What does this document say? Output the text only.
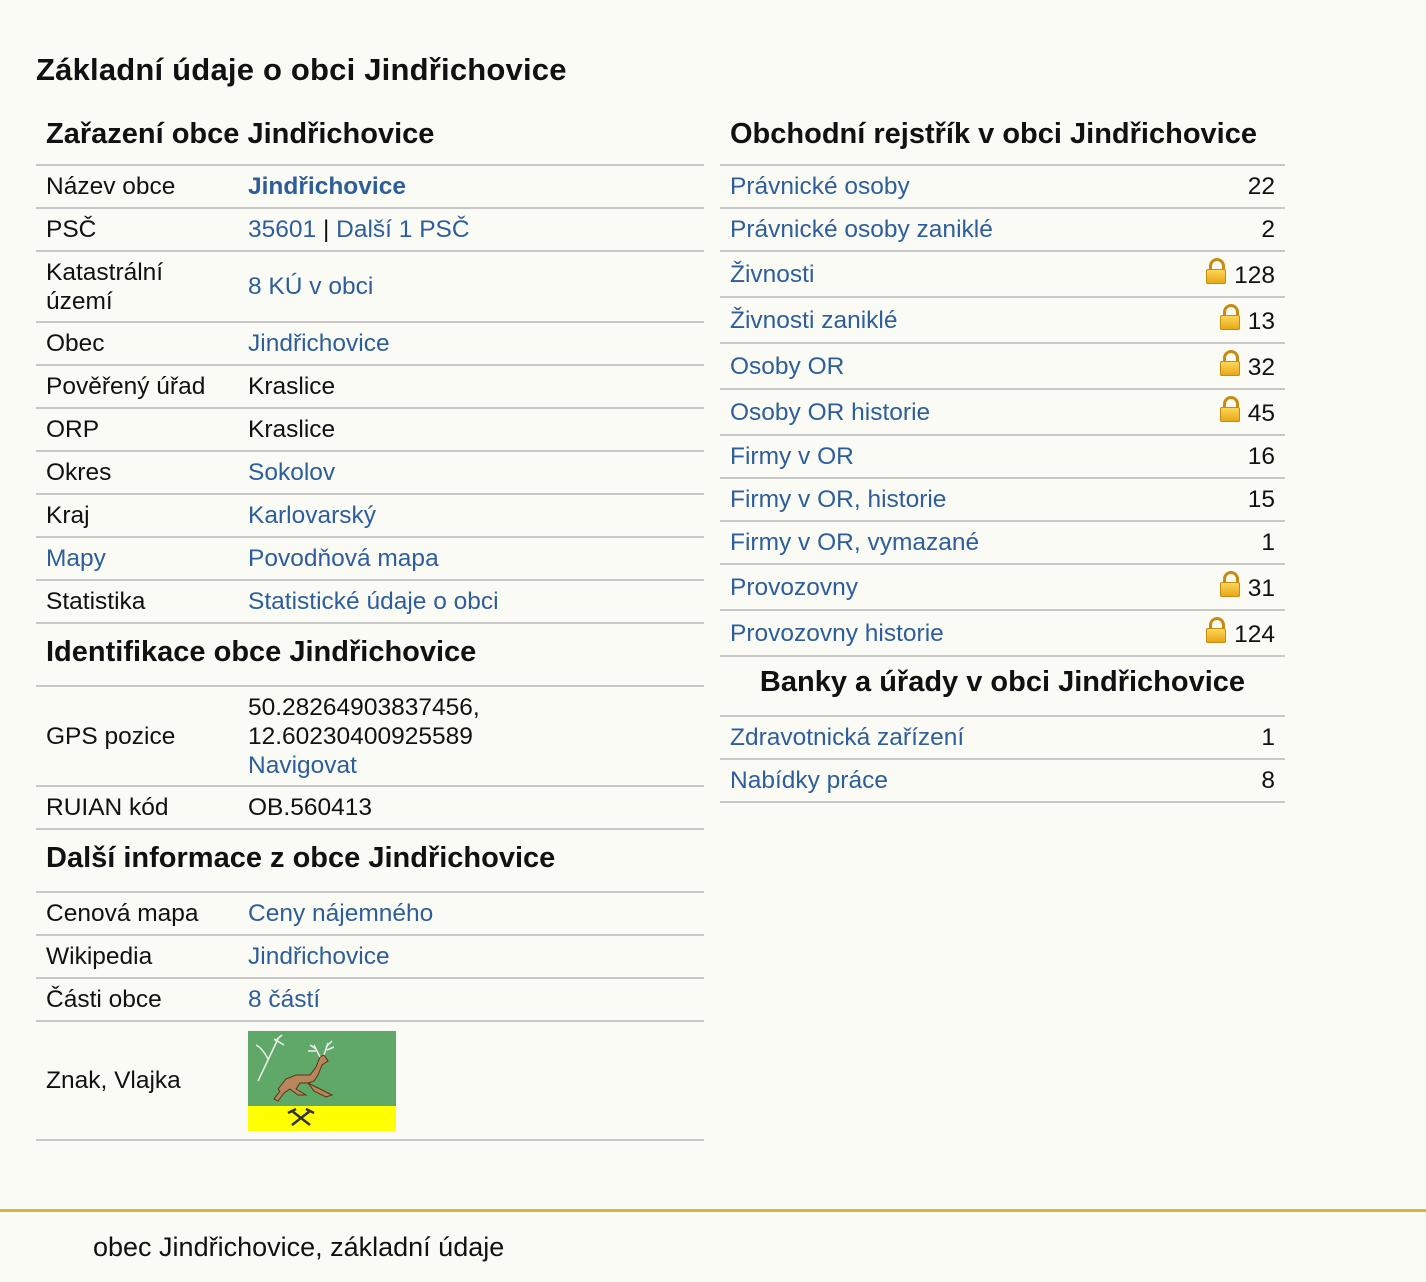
Základní údaje o obci Jindřichovice
Zařazení obce Jindřichovice
Název obce	Jindřichovice
PSČ	35601 | Další 1 PSČ
Katastrální území	8 KÚ v obci
Obec	Jindřichovice
Pověřený úřad	Kraslice
ORP	Kraslice
Okres	Sokolov
Kraj	Karlovarský
Mapy	Povodňová mapa
Statistika	Statistické údaje o obci
Identifikace obce Jindřichovice
GPS pozice	50.28264903837456,
12.60230400925589
Navigovat

RUIAN kód	OB.560413
Další informace z obce Jindřichovice
Cenová mapa	Ceny nájemného
Wikipedia	Jindřichovice
Části obce	8 částí
Znak, Vlajka	
Obchodní rejstřík v obci Jindřichovice
Právnické osoby	22
Právnické osoby zaniklé	2
Živnosti	128
Živnosti zaniklé	13
Osoby OR	32
Osoby OR historie	45
Firmy v OR	16
Firmy v OR, historie	15
Firmy v OR, vymazané	1
Provozovny	31
Provozovny historie	124
Banky a úřady v obci Jindřichovice
Zdravotnická zařízení	1
Nabídky práce	8
obec Jindřichovice, základní údaje
